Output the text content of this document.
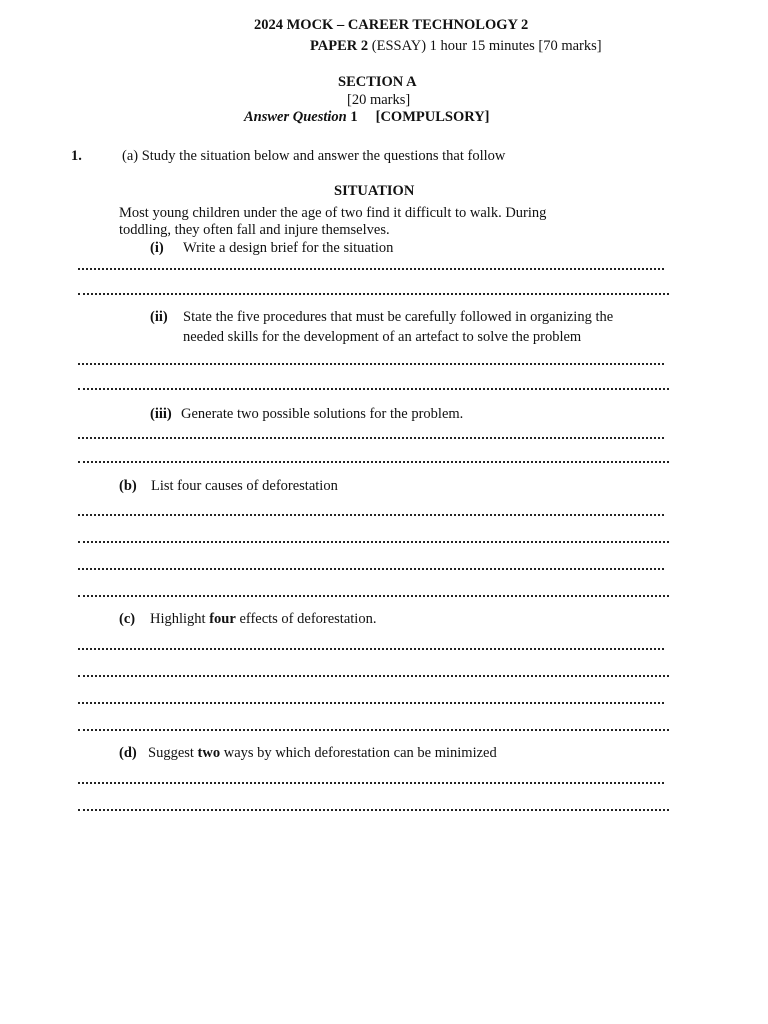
2024 MOCK – CAREER TECHNOLOGY 2
PAPER 2 (ESSAY) 1 hour 15 minutes [70 marks]
SECTION A
[20 marks]
Answer Question 1 [COMPULSORY]
1.	(a) Study the situation below and answer the questions that follow
SITUATION
Most young children under the age of two find it difficult to walk. During
toddling, they often fall and injure themselves.
(i) Write a design brief for the situation
(ii) State the five procedures that must be carefully followed in organizing the
needed skills for the development of an artefact to solve the problem
(iii) Generate two possible solutions for the problem.
(b) List four causes of deforestation
(c) Highlight four effects of deforestation.
(d) Suggest two ways by which deforestation can be minimized
